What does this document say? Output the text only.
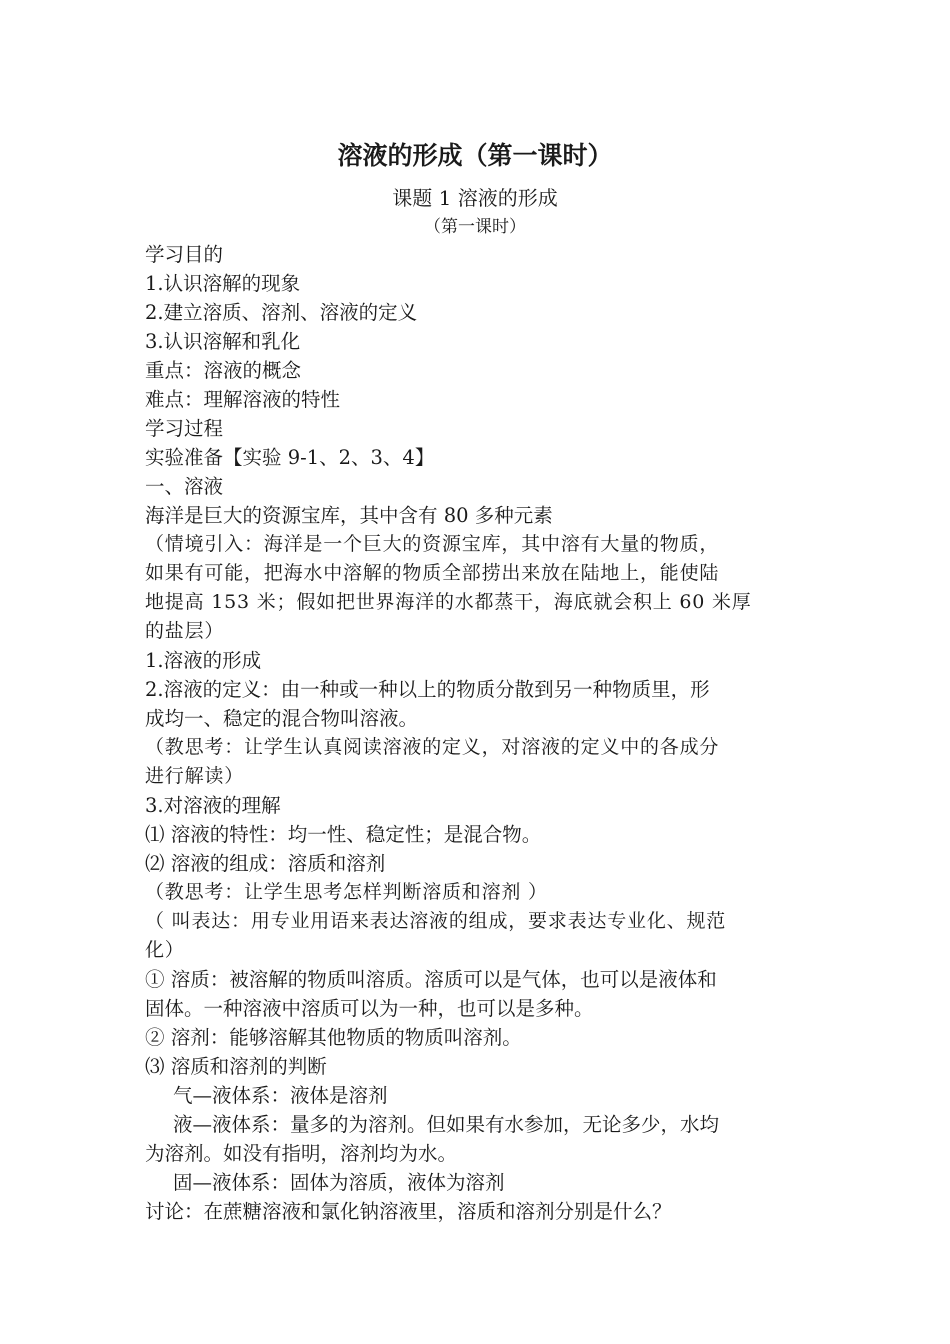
溶液的形成（第一课时）
课题 1 溶液的形成
（第一课时）
学习目的
1.认识溶解的现象
2.建立溶质、溶剂、溶液的定义
3.认识溶解和乳化
重点：溶液的概念
难点：理解溶液的特性
学习过程
实验准备【实验 9-1、2、3、4】
一、溶液
海洋是巨大的资源宝库，其中含有 80 多种元素
（情境引入：海洋是一个巨大的资源宝库，其中溶有大量的物质，
如果有可能，把海水中溶解的物质全部捞出来放在陆地上，能使陆
地提高 153 米；假如把世界海洋的水都蒸干，海底就会积上 60 米厚
的盐层）
1.溶液的形成
2.溶液的定义：由一种或一种以上的物质分散到另一种物质里，形
成均一、稳定的混合物叫溶液。
（教思考：让学生认真阅读溶液的定义，对溶液的定义中的各成分
进行解读）
3.对溶液的理解
⑴ 溶液的特性：均一性、稳定性；是混合物。
⑵ 溶液的组成：溶质和溶剂
（教思考：让学生思考怎样判断溶质和溶剂 ）
（ 叫表达：用专业用语来表达溶液的组成，要求表达专业化、规范
化）
① 溶质：被溶解的物质叫溶质。溶质可以是气体，也可以是液体和
固体。一种溶液中溶质可以为一种，也可以是多种。
② 溶剂：能够溶解其他物质的物质叫溶剂。
⑶ 溶质和溶剂的判断
气—液体系：液体是溶剂
液—液体系：量多的为溶剂。但如果有水参加，无论多少，水均
为溶剂。如没有指明，溶剂均为水。
固—液体系：固体为溶质，液体为溶剂
讨论：在蔗糖溶液和氯化钠溶液里，溶质和溶剂分别是什么？
